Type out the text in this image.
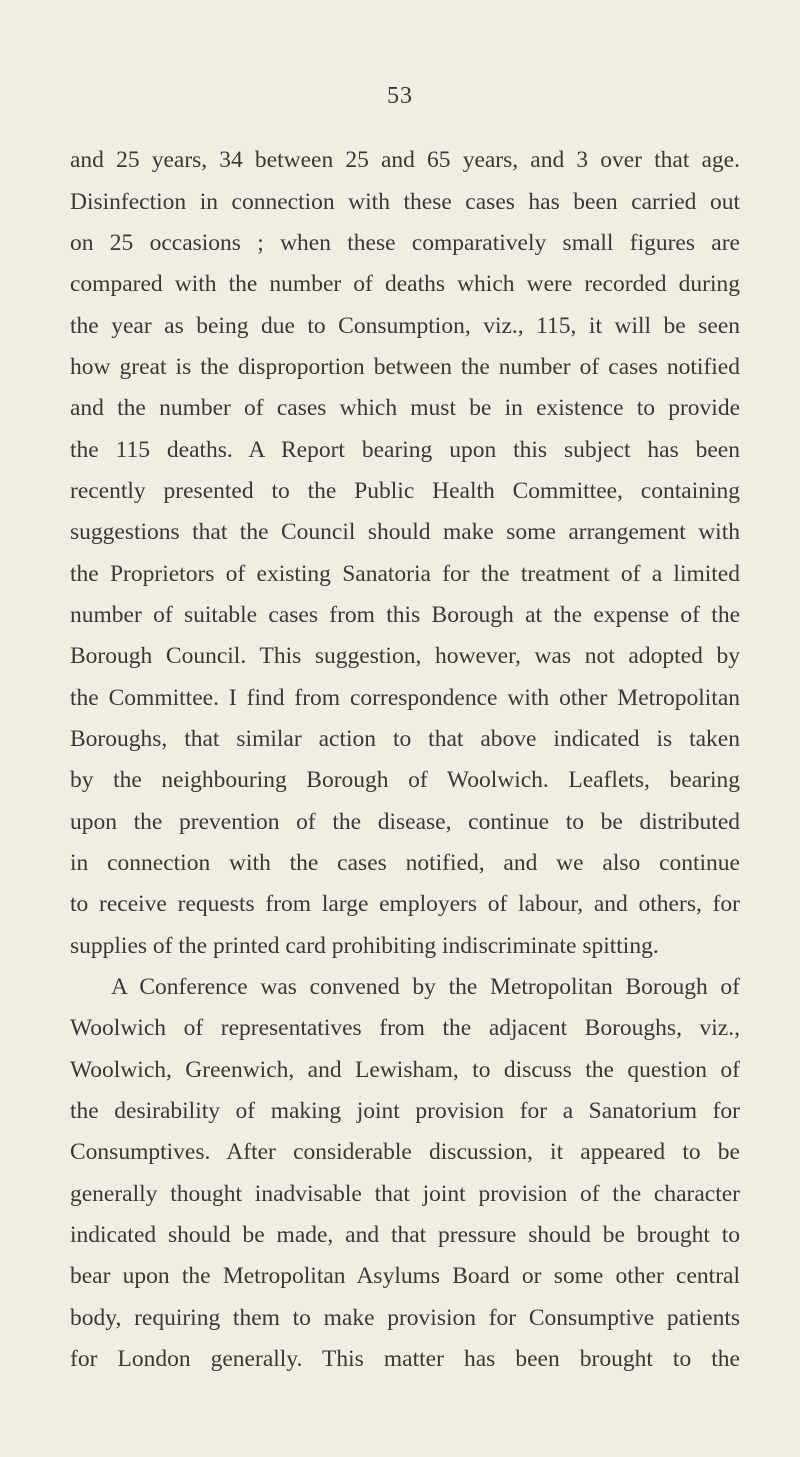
53
and 25 years, 34 between 25 and 65 years, and 3 over that age.
Disinfection in connection with these cases has been carried out
on 25 occasions ; when these comparatively small figures are
compared with the number of deaths which were recorded during
the year as being due to Consumption, viz., 115, it will be seen
how great is the disproportion between the number of cases notified
and the number of cases which must be in existence to provide
the 115 deaths. A Report bearing upon this subject has been
recently presented to the Public Health Committee, containing
suggestions that the Council should make some arrangement with
the Proprietors of existing Sanatoria for the treatment of a limited
number of suitable cases from this Borough at the expense of the
Borough Council. This suggestion, however, was not adopted by
the Committee. I find from correspondence with other Metropolitan
Boroughs, that similar action to that above indicated is taken
by the neighbouring Borough of Woolwich. Leaflets, bearing
upon the prevention of the disease, continue to be distributed
in connection with the cases notified, and we also continue
to receive requests from large employers of labour, and others, for
supplies of the printed card prohibiting indiscriminate spitting.
A Conference was convened by the Metropolitan Borough of
Woolwich of representatives from the adjacent Boroughs, viz.,
Woolwich, Greenwich, and Lewisham, to discuss the question of
the desirability of making joint provision for a Sanatorium for
Consumptives. After considerable discussion, it appeared to be
generally thought inadvisable that joint provision of the character
indicated should be made, and that pressure should be brought to
bear upon the Metropolitan Asylums Board or some other central
body, requiring them to make provision for Consumptive patients
for London generally. This matter has been brought to the
